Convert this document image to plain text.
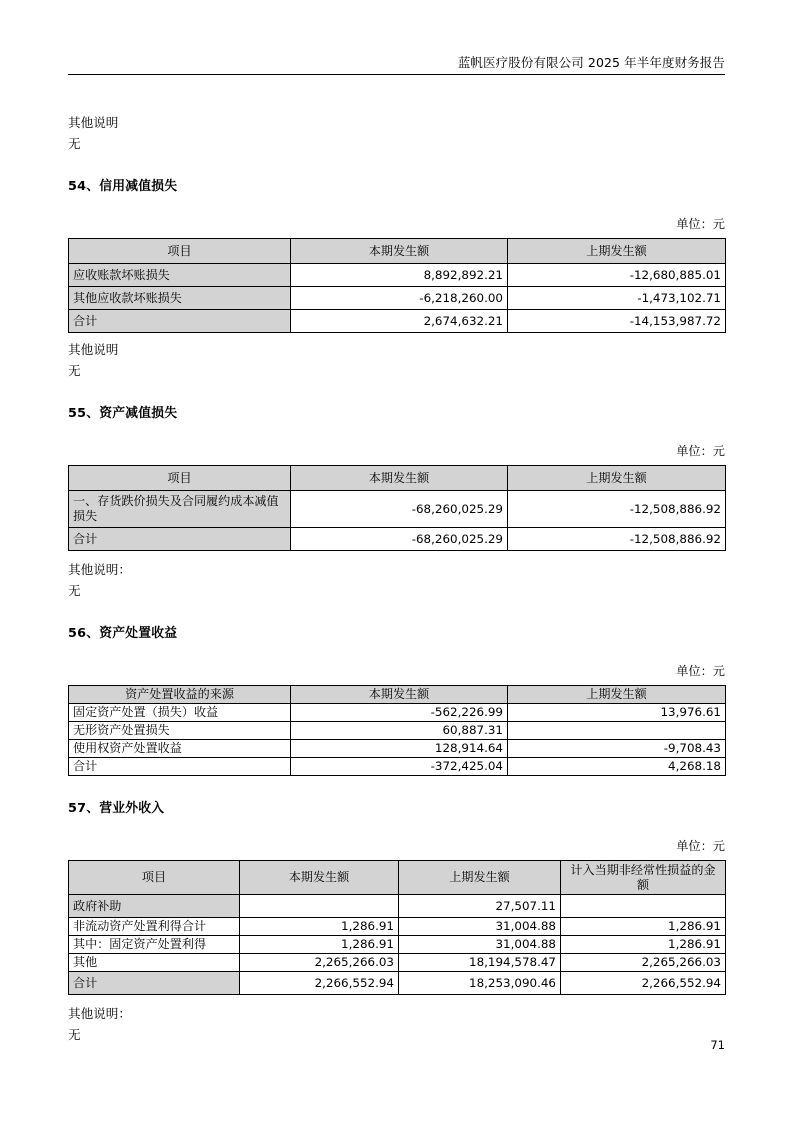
蓝帆医疗股份有限公司 2025 年半年度财务报告

其他说明

无

54、信用减值损失

单位：元

项目	本期发生额	上期发生额
应收账款坏账损失	8,892,892.21	-12,680,885.01
其他应收款坏账损失	-6,218,260.00	-1,473,102.71
合计	2,674,632.21	-14,153,987.72

其他说明

无

55、资产减值损失

单位：元

项目	本期发生额	上期发生额
一、存货跌价损失及合同履约成本减值损失	-68,260,025.29	-12,508,886.92
合计	-68,260,025.29	-12,508,886.92

其他说明：

无

56、资产处置收益

单位：元

资产处置收益的来源	本期发生额	上期发生额
固定资产处置（损失）收益	-562,226.99	13,976.61
无形资产处置损失	60,887.31	
使用权资产处置收益	128,914.64	-9,708.43
合计	-372,425.04	4,268.18
57、营业外收入

单位：元

项目	本期发生额	上期发生额	计入当期非经常性损益的金额
政府补助		27,507.11	
非流动资产处置利得合计	1,286.91	31,004.88	1,286.91
其中：固定资产处置利得	1,286.91	31,004.88	1,286.91
其他	2,265,266.03	18,194,578.47	2,265,266.03
合计	2,266,552.94	18,253,090.46	2,266,552.94

其他说明：

无

71
